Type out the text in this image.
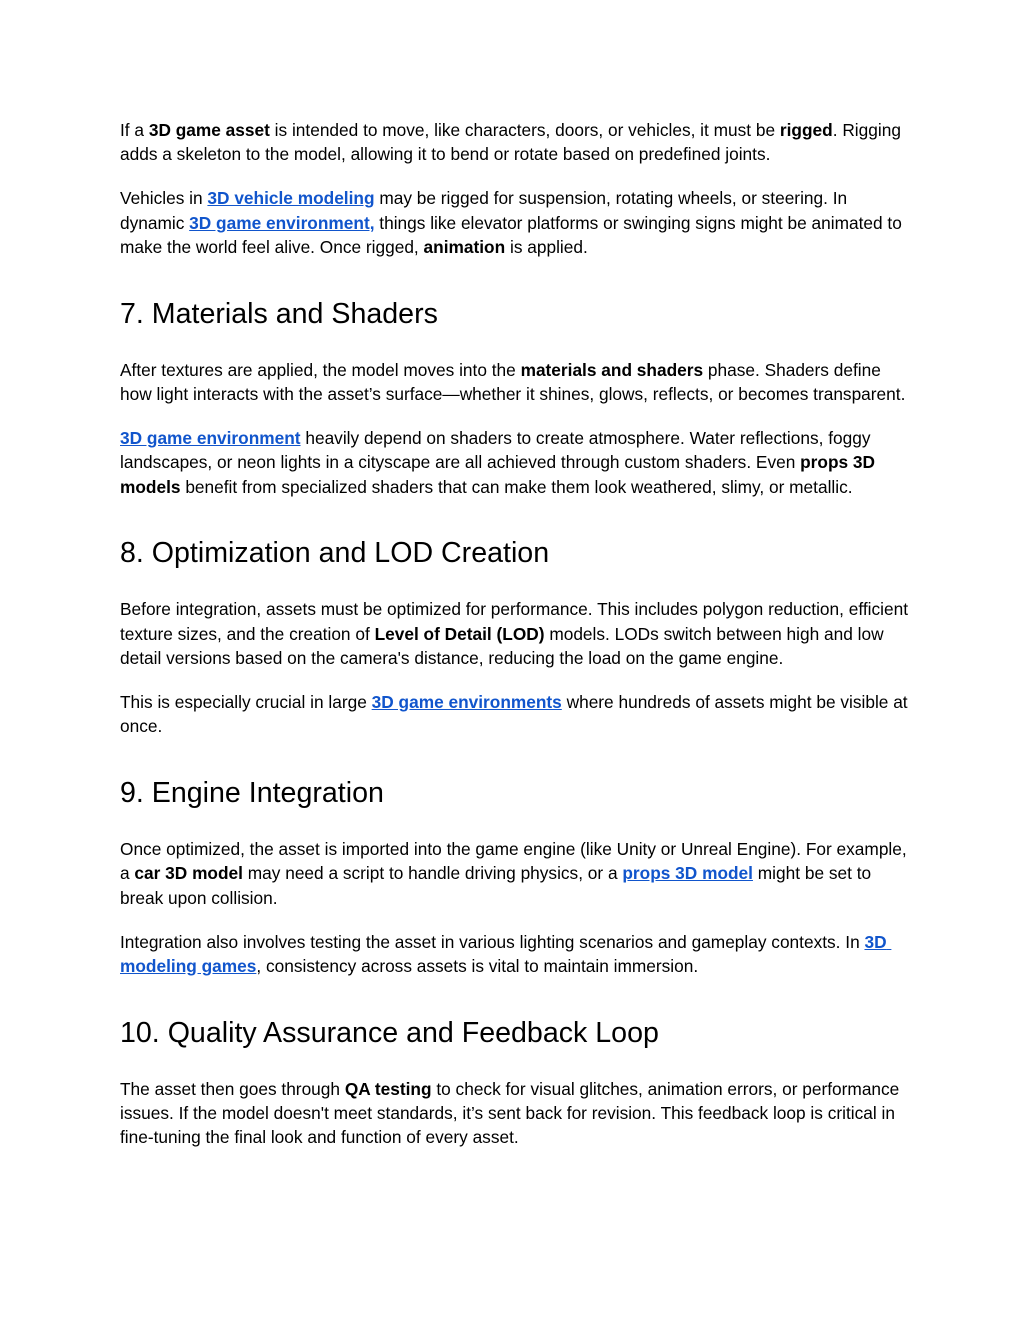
If a 3D game asset is intended to move, like characters, doors, or vehicles, it must be rigged. Rigging adds a skeleton to the model, allowing it to bend or rotate based on predefined joints.

Vehicles in 3D vehicle modeling may be rigged for suspension, rotating wheels, or steering. In dynamic 3D game environment, things like elevator platforms or swinging signs might be animated to make the world feel alive. Once rigged, animation is applied.

7. Materials and Shaders

After textures are applied, the model moves into the materials and shaders phase. Shaders define how light interacts with the asset’s surface—whether it shines, glows, reflects, or becomes transparent.

3D game environment heavily depend on shaders to create atmosphere. Water reflections, foggy landscapes, or neon lights in a cityscape are all achieved through custom shaders. Even props 3D models benefit from specialized shaders that can make them look weathered, slimy, or metallic.

8. Optimization and LOD Creation

Before integration, assets must be optimized for performance. This includes polygon reduction, efficient texture sizes, and the creation of Level of Detail (LOD) models. LODs switch between high and low detail versions based on the camera's distance, reducing the load on the game engine.

This is especially crucial in large 3D game environments where hundreds of assets might be visible at once.

9. Engine Integration

Once optimized, the asset is imported into the game engine (like Unity or Unreal Engine). For example, a car 3D model may need a script to handle driving physics, or a props 3D model might be set to break upon collision.

Integration also involves testing the asset in various lighting scenarios and gameplay contexts. In 3D modeling games, consistency across assets is vital to maintain immersion.

10. Quality Assurance and Feedback Loop

The asset then goes through QA testing to check for visual glitches, animation errors, or performance issues. If the model doesn't meet standards, it’s sent back for revision. This feedback loop is critical in fine-tuning the final look and function of every asset.
